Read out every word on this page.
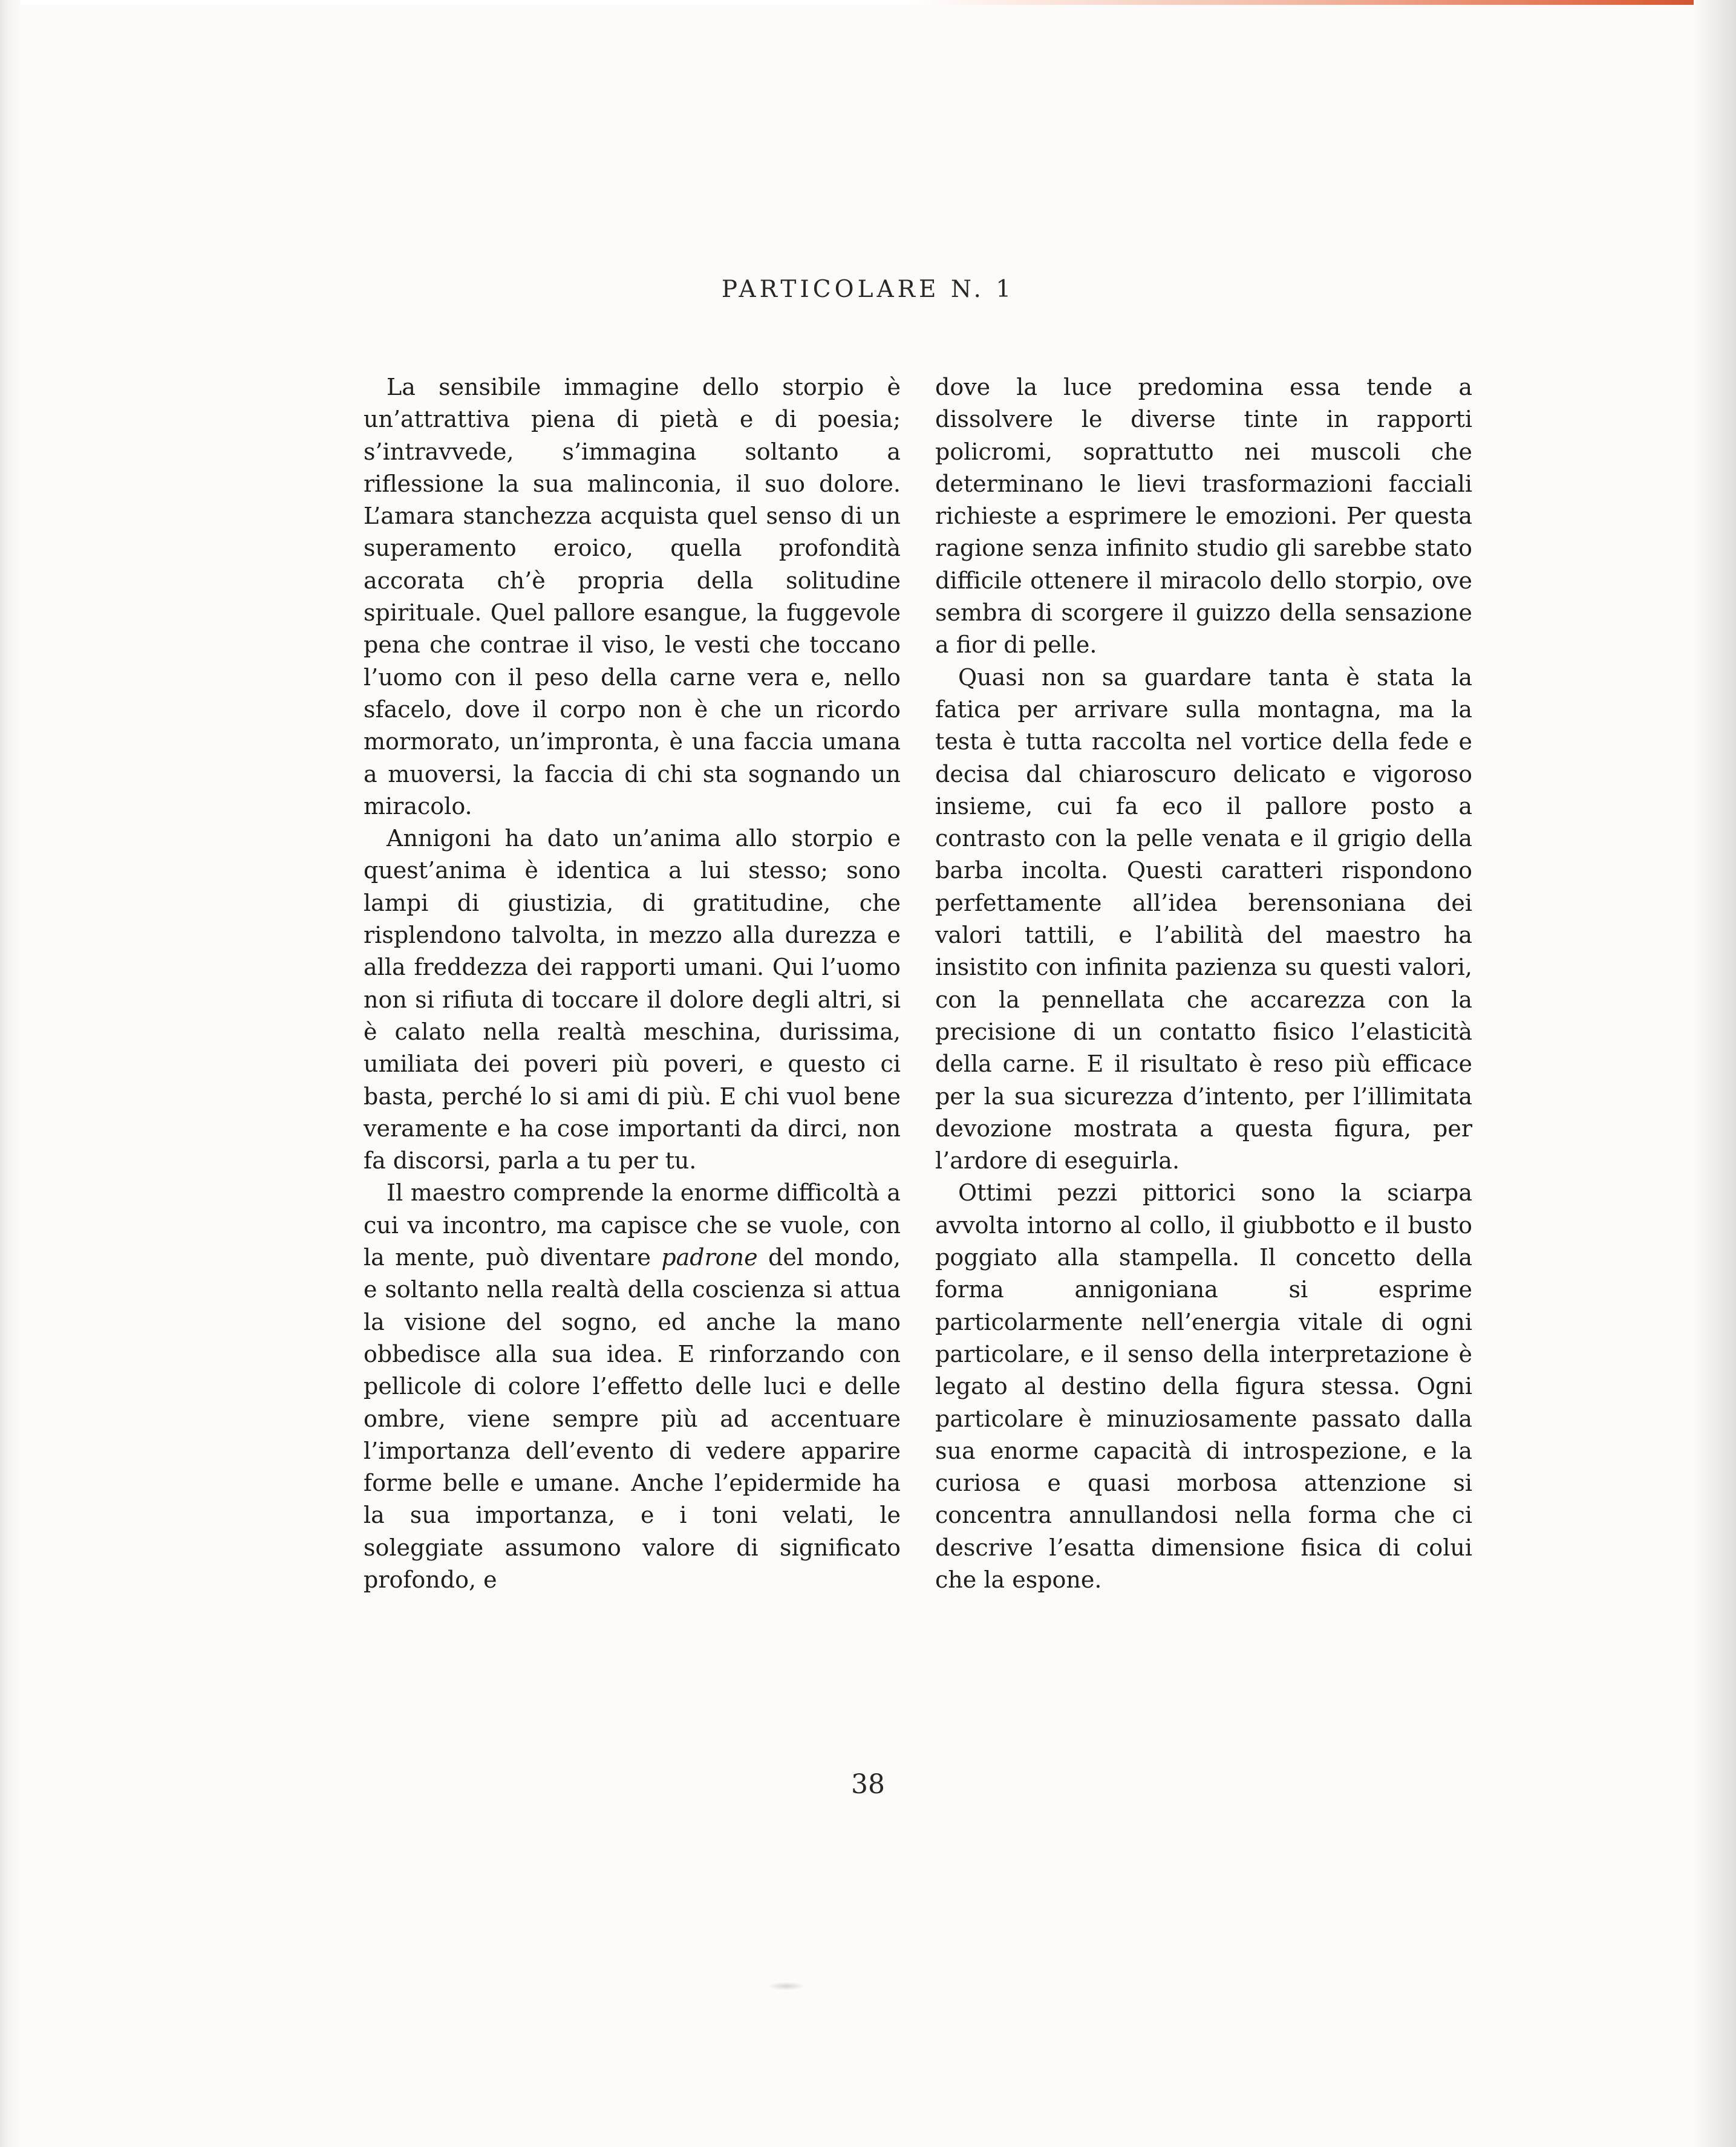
PARTICOLARE N. 1

La sensibile immagine dello storpio è un’attrattiva piena di pietà e di poesia; s’intravvede, s’immagina soltanto a riflessione la sua malinconia, il suo dolore. L’amara stanchezza acquista quel senso di un superamento eroico, quella profondità accorata ch’è propria della solitudine spirituale. Quel pallore esangue, la fuggevole pena che contrae il viso, le vesti che toccano l’uomo con il peso della carne vera e, nello sfacelo, dove il corpo non è che un ricordo mormorato, un’impronta, è una faccia umana a muoversi, la faccia di chi sta sognando un miracolo.

Annigoni ha dato un’anima allo storpio e quest’anima è identica a lui stesso; sono lampi di giustizia, di gratitudine, che risplendono talvolta, in mezzo alla durezza e alla freddezza dei rapporti umani. Qui l’uomo non si rifiuta di toccare il dolore degli altri, si è calato nella realtà meschina, durissima, umiliata dei poveri più poveri, e questo ci basta, perché lo si ami di più. E chi vuol bene veramente e ha cose importanti da dirci, non fa discorsi, parla a tu per tu.

Il maestro comprende la enorme difficoltà a cui va incontro, ma capisce che se vuole, con la mente, può diventare padrone del mondo, e soltanto nella realtà della coscienza si attua la visione del sogno, ed anche la mano obbedisce alla sua idea. E rinforzando con pellicole di colore l’effetto delle luci e delle ombre, viene sempre più ad accentuare l’importanza dell’evento di vedere apparire forme belle e umane. Anche l’epidermide ha la sua importanza, e i toni velati, le soleggiate assumono valore di significato profondo, e

dove la luce predomina essa tende a dissolvere le diverse tinte in rapporti policromi, soprattutto nei muscoli che determinano le lievi trasformazioni facciali richieste a esprimere le emozioni. Per questa ragione senza infinito studio gli sarebbe stato difficile ottenere il miracolo dello storpio, ove sembra di scorgere il guizzo della sensazione a fior di pelle.

Quasi non sa guardare tanta è stata la fatica per arrivare sulla montagna, ma la testa è tutta raccolta nel vortice della fede e decisa dal chiaroscuro delicato e vigoroso insieme, cui fa eco il pallore posto a contrasto con la pelle venata e il grigio della barba incolta. Questi caratteri rispondono perfettamente all’idea berensoniana dei valori tattili, e l’abilità del maestro ha insistito con infinita pazienza su questi valori, con la pennellata che accarezza con la precisione di un contatto fisico l’elasticità della carne. E il risultato è reso più efficace per la sua sicurezza d’intento, per l’illimitata devozione mostrata a questa figura, per l’ardore di eseguirla.

Ottimi pezzi pittorici sono la sciarpa avvolta intorno al collo, il giubbotto e il busto poggiato alla stampella. Il concetto della forma annigoniana si esprime particolarmente nell’energia vitale di ogni particolare, e il senso della interpretazione è legato al destino della figura stessa. Ogni particolare è minuziosamente passato dalla sua enorme capacità di introspezione, e la curiosa e quasi morbosa attenzione si concentra annullandosi nella forma che ci descrive l’esatta dimensione fisica di colui che la espone.

38
